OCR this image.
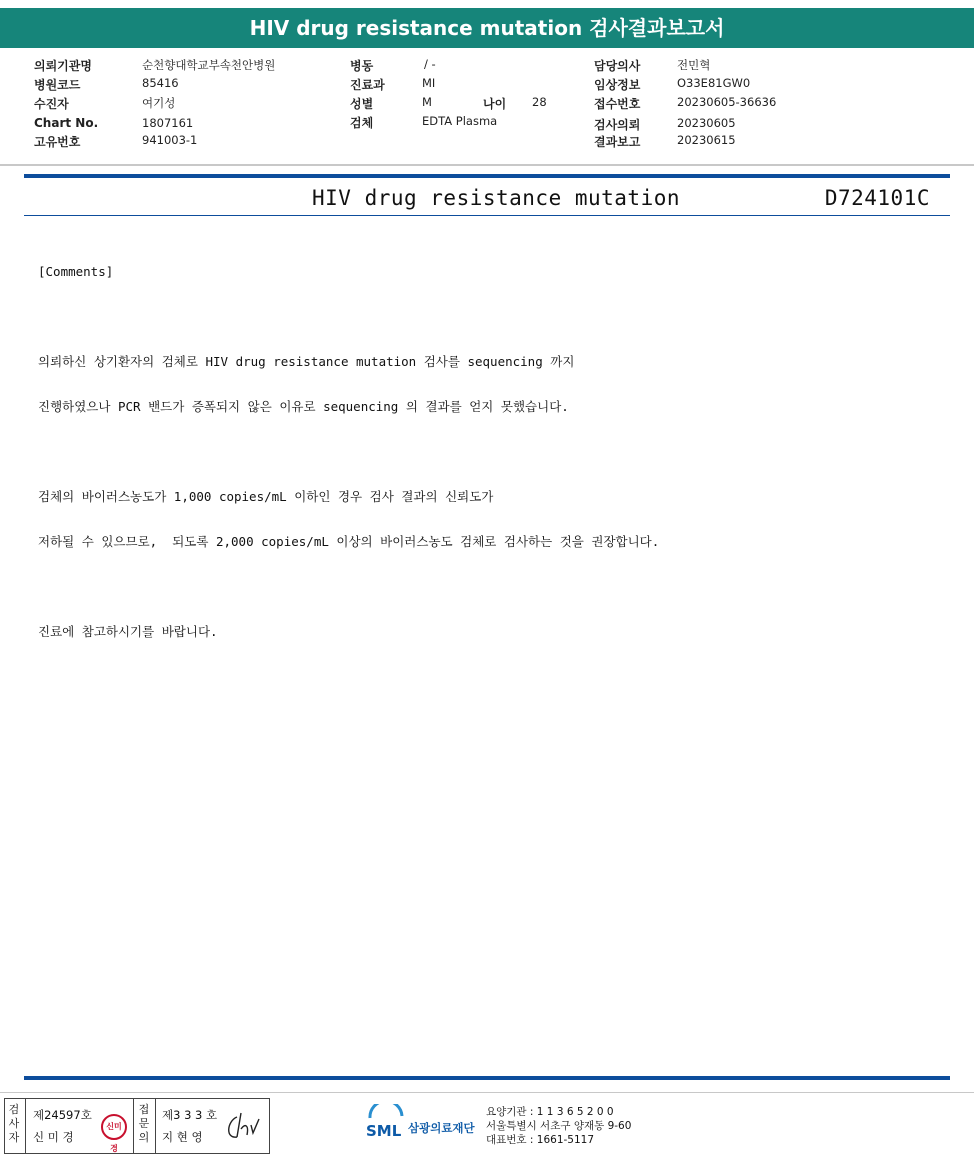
HIV drug resistance mutation 검사결과보고서
의뢰기관명	순천향대학교부속천안병원
병원코드	85416
수진자	여기성
Chart No.	1807161
고유번호	941003-1
병동	/ -
진료과	MI
성별	M	나이 28
검체	EDTA Plasma
담당의사	전민혁
임상정보	O33E81GW0
접수번호	20230605-36636
검사의뢰	20230605
결과보고	20230615
HIV drug resistance mutation	D724101C

[Comments]

의뢰하신 상기환자의 검체로 HIV drug resistance mutation 검사를 sequencing 까지

진행하였으나 PCR 밴드가 증폭되지 않은 이유로 sequencing 의 결과를 얻지 못했습니다.

검체의 바이러스농도가 1,000 copies/mL 이하인 경우 검사 결과의 신뢰도가

저하될 수 있으므로,  되도록 2,000 copies/mL 이상의 바이러스농도 검체로 검사하는 것을 권장합니다.

진료에 참고하시기를 바랍니다.

검
사
자
제24597호
신 미 경
신미경
접
문
의
제3 3 3 호
지 현 영	SML 삼광의료재단
요양기관 : 1 1 3 6 5 2 0 0
서울특별시 서초구 양재동 9-60
대표번호 : 1661-5117
